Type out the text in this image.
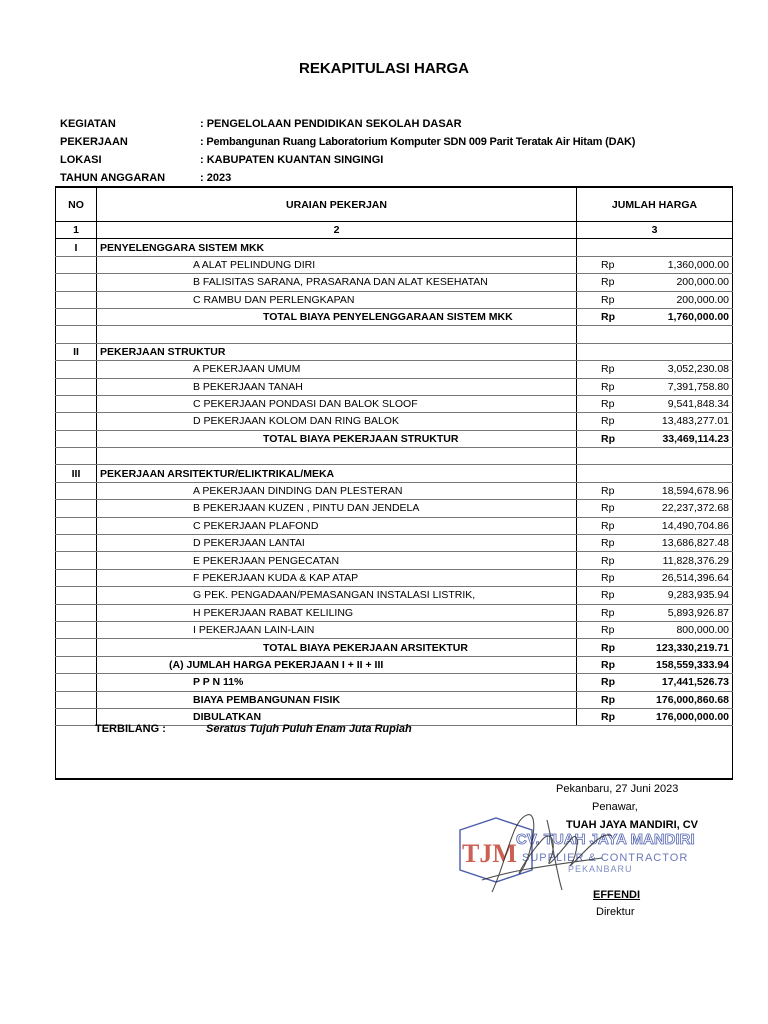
REKAPITULASI HARGA
KEGIATAN	: PENGELOLAAN PENDIDIKAN SEKOLAH DASAR
PEKERJAAN	: Pembangunan Ruang Laboratorium Komputer SDN 009 Parit Teratak Air Hitam (DAK)
LOKASI	: KABUPATEN KUANTAN SINGINGI
TAHUN ANGGARAN	: 2023
NO	URAIAN PEKERJAN	JUMLAH HARGA	
1	2	3	
I	PENYELENGGARA SISTEM MKK		
	A ALAT PELINDUNG DIRI	Rp	1,360,000.00
	B FALISITAS SARANA, PRASARANA DAN ALAT KESEHATAN	Rp	200,000.00
	C RAMBU DAN PERLENGKAPAN	Rp	200,000.00
	TOTAL BIAYA PENYELENGGARAAN SISTEM MKK	Rp	1,760,000.00

II	PEKERJAAN STRUKTUR		
	A PEKERJAAN UMUM	Rp	3,052,230.08
	B PEKERJAAN TANAH	Rp	7,391,758.80
	C PEKERJAAN PONDASI DAN BALOK SLOOF	Rp	9,541,848.34
	D PEKERJAAN KOLOM DAN RING BALOK	Rp	13,483,277.01
	TOTAL BIAYA PEKERJAAN STRUKTUR	Rp	33,469,114.23

III	PEKERJAAN ARSITEKTUR/ELIKTRIKAL/MEKA		
	A PEKERJAAN DINDING DAN PLESTERAN	Rp	18,594,678.96
	B PEKERJAAN KUZEN , PINTU DAN JENDELA	Rp	22,237,372.68
	C PEKERJAAN PLAFOND	Rp	14,490,704.86
	D PEKERJAAN LANTAI	Rp	13,686,827.48
	E PEKERJAAN PENGECATAN	Rp	11,828,376.29
	F PEKERJAAN KUDA & KAP ATAP	Rp	26,514,396.64
	G PEK. PENGADAAN/PEMASANGAN INSTALASI LISTRIK,	Rp	9,283,935.94
	H PEKERJAAN RABAT KELILING	Rp	5,893,926.87
	I PEKERJAAN LAIN-LAIN	Rp	800,000.00
	TOTAL BIAYA PEKERJAAN ARSITEKTUR	Rp	123,330,219.71
	(A) JUMLAH HARGA PEKERJAAN I + II + III	Rp	158,559,333.94
	P P N 11%	Rp	17,441,526.73
	BIAYA PEMBANGUNAN FISIK	Rp	176,000,860.68
	DIBULATKAN	Rp	176,000,000.00

TERBILANG :	Seratus Tujuh Puluh Enam Juta Rupiah
Pekanbaru, 27 Juni 2023
Penawar,
TUAH JAYA MANDIRI, CV
TJM CV. TUAH JAYA MANDIRI
SUPPLIER & CONTRACTOR
PEKANBARU
EFFENDI
Direktur
